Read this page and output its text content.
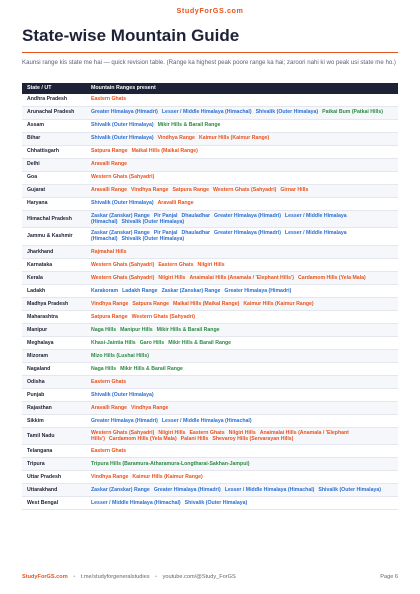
StudyForGS.com
State-wise Mountain Guide
Kaunsi range kis state me hai — quick revision table. (Range ka highest peak poore range ka hai; zaroori nahi ki wo peak usi state me ho.)
State / UT	Mountain Ranges present
Andhra Pradesh	Eastern Ghats
Arunachal Pradesh	Greater Himalaya (Himadri) Lesser / Middle Himalaya (Himachal) Shivalik (Outer Himalaya) Patkai Bum (Patkai Hills)
Assam	Shivalik (Outer Himalaya) Mikir Hills & Barail Range
Bihar	Shivalik (Outer Himalaya) Vindhya Range Kaimur Hills (Kaimur Range)
Chhattisgarh	Satpura Range Maikal Hills (Maikal Range)
Delhi	Aravalli Range
Goa	Western Ghats (Sahyadri)
Gujarat	Aravalli Range Vindhya Range Satpura Range Western Ghats (Sahyadri) Girnar Hills
Haryana	Shivalik (Outer Himalaya) Aravalli Range
Himachal Pradesh	Zaskar (Zanskar) Range Pir Panjal Dhauladhar Greater Himalaya (Himadri) Lesser / Middle Himalaya (Himachal) Shivalik (Outer Himalaya)
Jammu & Kashmir	Zaskar (Zanskar) Range Pir Panjal Dhauladhar Greater Himalaya (Himadri) Lesser / Middle Himalaya (Himachal) Shivalik (Outer Himalaya)
Jharkhand	Rajmahal Hills
Karnataka	Western Ghats (Sahyadri) Eastern Ghats Nilgiri Hills
Kerala	Western Ghats (Sahyadri) Nilgiri Hills Anaimalai Hills (Anamala / 'Elephant Hills') Cardamom Hills (Yela Mala)
Ladakh	Karakoram Ladakh Range Zaskar (Zanskar) Range Greater Himalaya (Himadri)
Madhya Pradesh	Vindhya Range Satpura Range Maikal Hills (Maikal Range) Kaimur Hills (Kaimur Range)
Maharashtra	Satpura Range Western Ghats (Sahyadri)
Manipur	Naga Hills Manipur Hills Mikir Hills & Barail Range
Meghalaya	Khasi-Jaintia Hills Garo Hills Mikir Hills & Barail Range
Mizoram	Mizo Hills (Lushai Hills)
Nagaland	Naga Hills Mikir Hills & Barail Range
Odisha	Eastern Ghats
Punjab	Shivalik (Outer Himalaya)
Rajasthan	Aravalli Range Vindhya Range
Sikkim	Greater Himalaya (Himadri) Lesser / Middle Himalaya (Himachal)
Tamil Nadu	Western Ghats (Sahyadri) Nilgiri Hills Eastern Ghats Nilgiri Hills Anaimalai Hills (Anamala / 'Elephant Hills') Cardamom Hills (Yela Mala) Palani Hills Shevaroy Hills (Servarayan Hills)
Telangana	Eastern Ghats
Tripura	Tripura Hills (Baramura-Atharamura-Longtharai-Sakhan-Jampui)
Uttar Pradesh	Vindhya Range Kaimur Hills (Kaimur Range)
Uttarakhand	Zaskar (Zanskar) Range Greater Himalaya (Himadri) Lesser / Middle Himalaya (Himachal) Shivalik (Outer Himalaya)
West Bengal	Lesser / Middle Himalaya (Himachal) Shivalik (Outer Himalaya)
StudyForGS.com • t.me/studyforgeneralstudies • youtube.com/@Study_ForGS	Page 6
